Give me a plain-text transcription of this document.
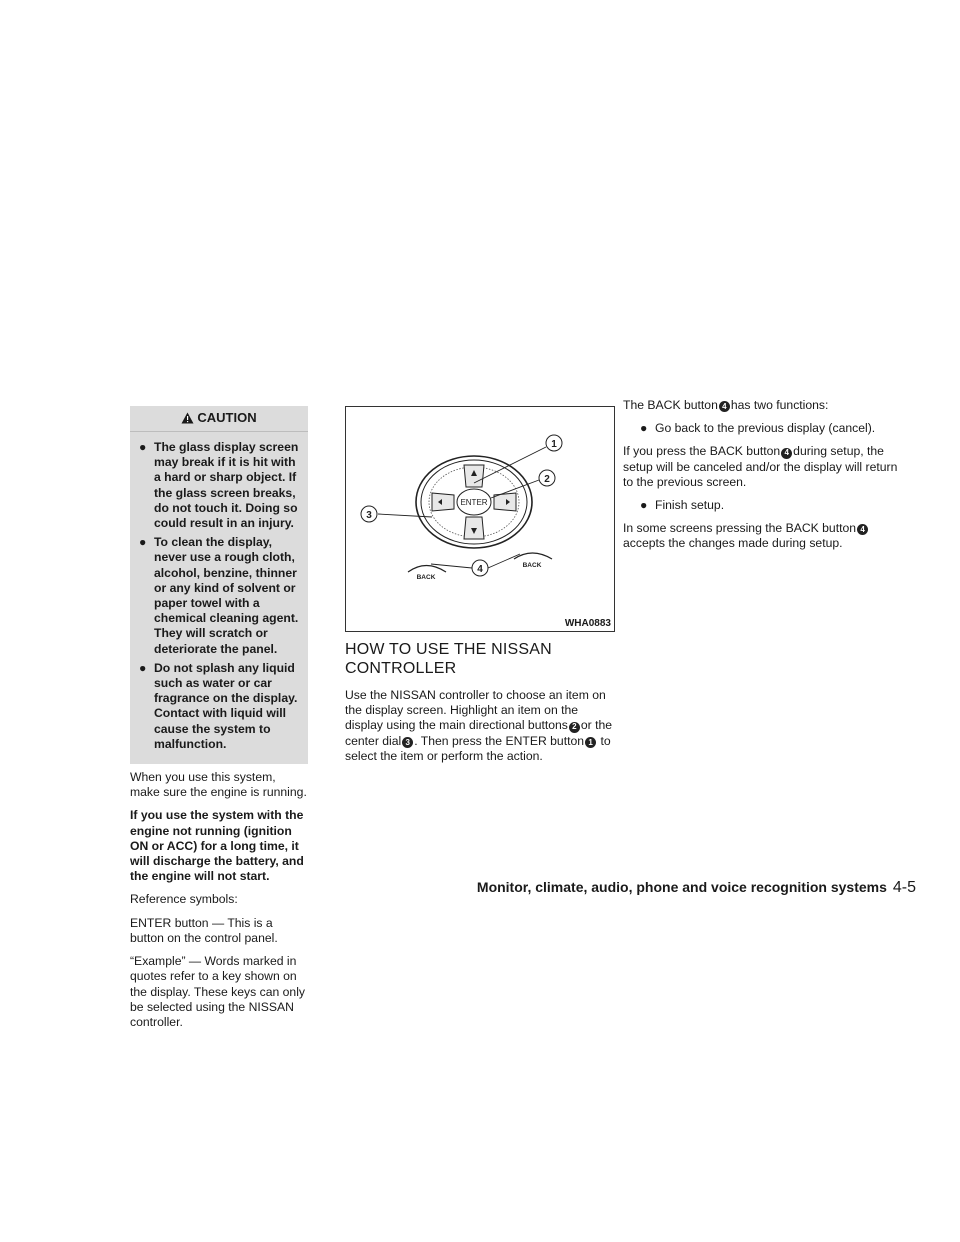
CAUTION
● The glass display screen may break if it is hit with a hard or sharp object. If the glass screen breaks, do not touch it. Doing so could result in an injury.
● To clean the display, never use a rough cloth, alcohol, benzine, thinner or any kind of solvent or paper towel with a chemical cleaning agent. They will scratch or deteriorate the panel.
● Do not splash any liquid such as water or car fragrance on the display. Contact with liquid will cause the system to malfunction.

When you use this system, make sure the engine is running.

If you use the system with the engine not running (ignition ON or ACC) for a long time, it will discharge the battery, and the engine will not start.

Reference symbols:

ENTER button — This is a button on the control panel.

“Example” — Words marked in quotes refer to a key shown on the display. These keys can only be selected using the NISSAN controller.

ENTER
BACK
BACK
1
2
3
4
WHA0883
HOW TO USE THE NISSAN CONTROLLER

Use the NISSAN controller to choose an item on the display screen. Highlight an item on the display using the main directional buttons 2 or the center dial 3 . Then press the ENTER button 1 to select the item or perform the action.

The BACK button 4 has two functions:

● Go back to the previous display (cancel).

If you press the BACK button 4 during setup, the setup will be canceled and/or the display will return to the previous screen.

● Finish setup.

In some screens pressing the BACK button 4 accepts the changes made during setup.

Monitor, climate, audio, phone and voice recognition systems 4-5
